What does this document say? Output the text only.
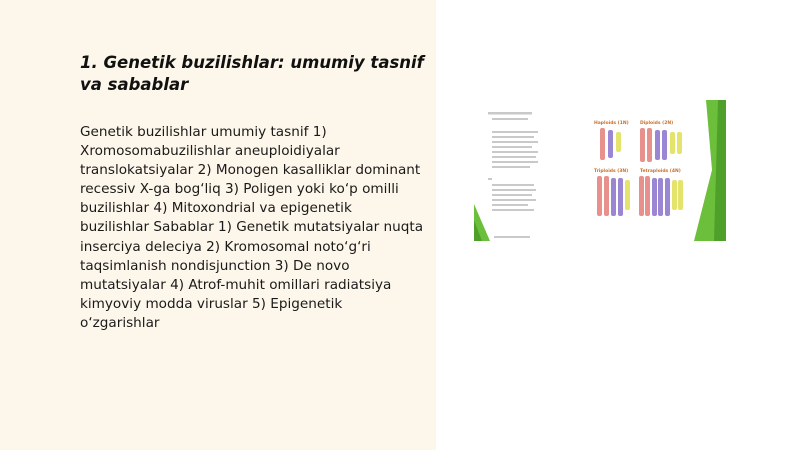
1. Genetik buzilishlar: umumiy tasnif va sabablar

Genetik buzilishlar umumiy tasnif 1) Xromosomabuzilishlar aneuploidiyalar translokatsiyalar 2) Monogen kasalliklar dominant recessiv X-ga bog‘liq 3) Poligen yoki ko‘p omilli buzilishlar 4) Mitoxondrial va epigenetik buzilishlar Sabablar 1) Genetik mutatsiyalar nuqta inserciya deleciya 2) Kromosomal noto‘g‘ri taqsimlanish nondisjunction 3) De novo mutatsiyalar 4) Atrof-muhit omillari radiatsiya kimyoviy modda viruslar 5) Epigenetik o‘zgarishlar

Haploids (1N)	Diploids (2N)
Triploids (3N)	Tetraploids (4N)
